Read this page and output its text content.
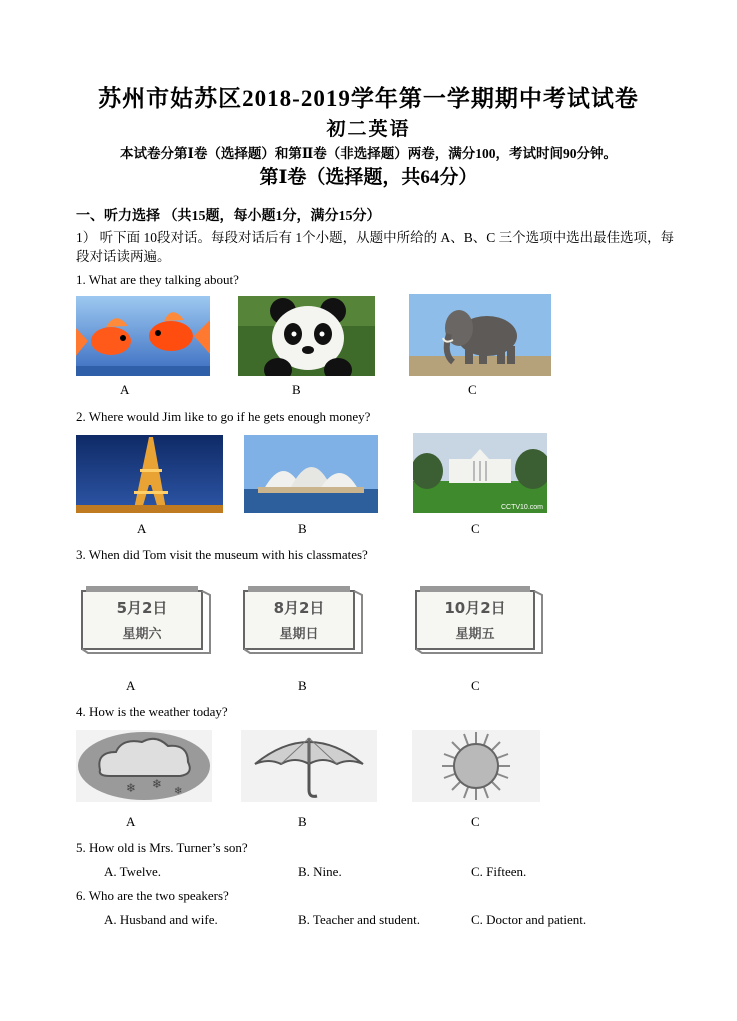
苏州市姑苏区2018-2019学年第一学期期中考试试卷
初二英语
本试卷分第Ⅰ卷（选择题）和第Ⅱ卷（非选择题）两卷，满分100，考试时间90分钟。
第Ⅰ卷（选择题，共64分）
一、听力选择 （共15题，每小题1分，满分15分）
1） 听下面 10段对话。每段对话后有 1个小题，从题中所给的 A、B、C 三个选项中选出最佳选项，每段对话读两遍。
1. What are they talking about?
A	B	C
2. Where would Jim like to go if he gets enough money?
CCTV10.com
A	B	C
3. When did Tom visit the museum with his classmates?
5月2日
星期六
8月2日
星期日
10月2日
星期五
A	B	C
4. How is the weather today?
❄ ❄
❄
A	B	C
5. How old is Mrs. Turner’s son?
A. Twelve.	B. Nine.	C. Fifteen.
6. Who are the two speakers?
A. Husband and wife.	B. Teacher and student.	C. Doctor and patient.
